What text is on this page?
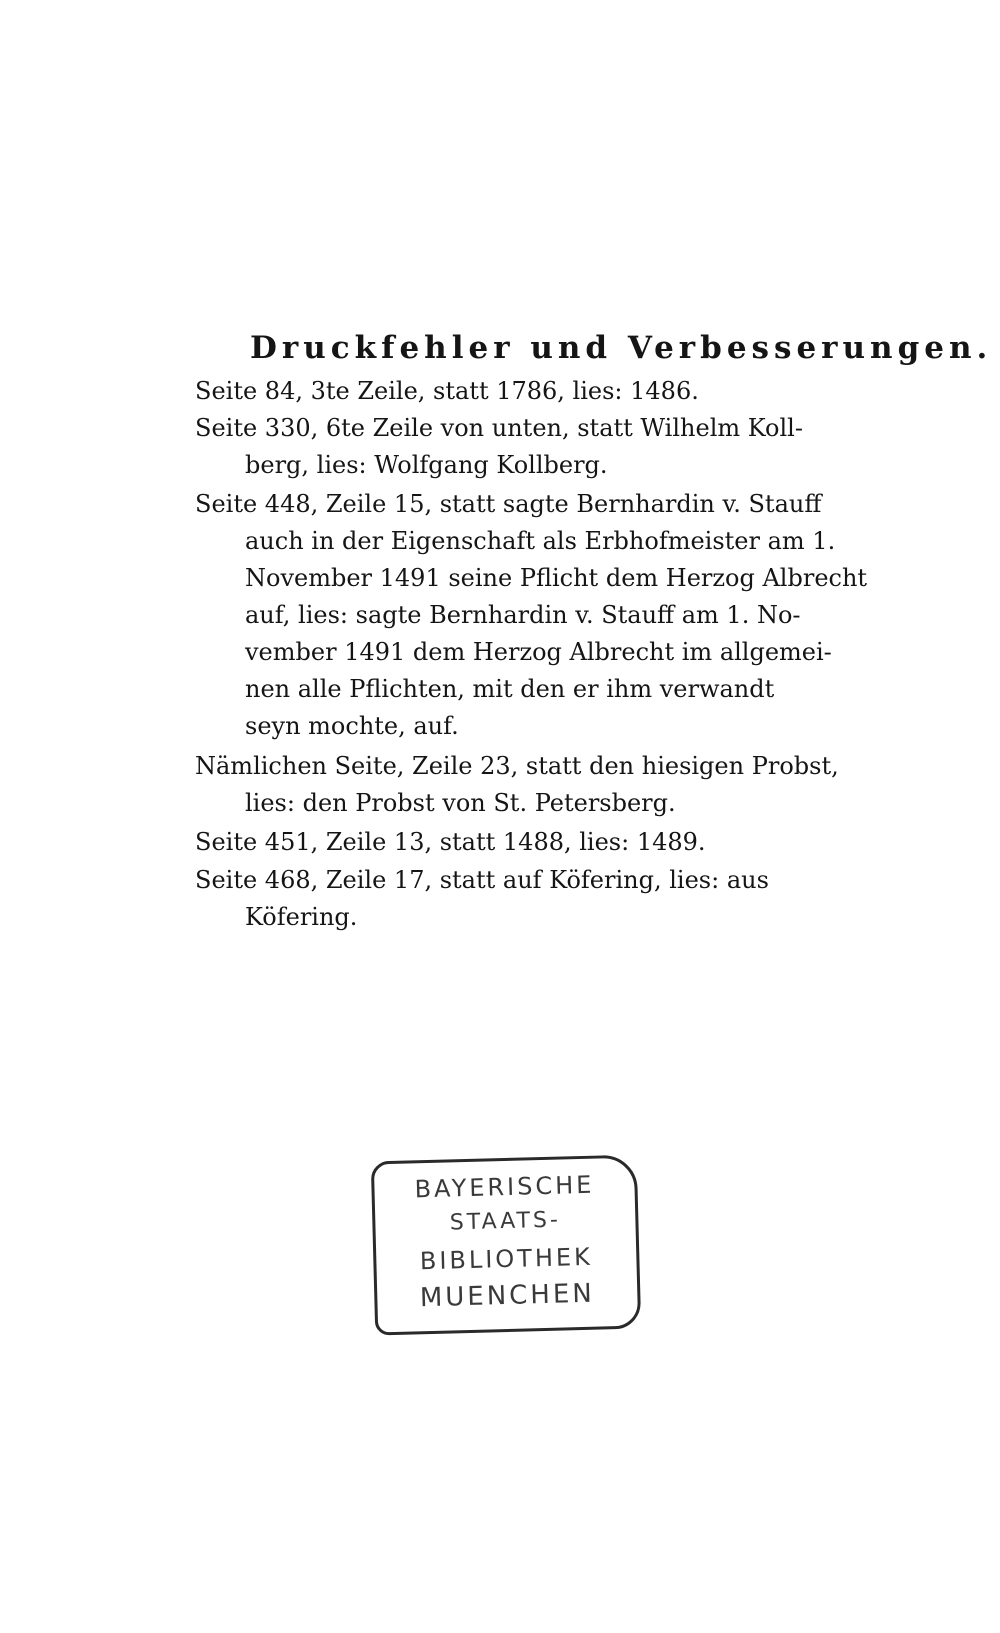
Druckfehler und Verbesserungen.
Seite 84, 3te Zeile, statt 1786, lies: 1486.
Seite 330, 6te Zeile von unten, statt Wilhelm Koll-
berg, lies: Wolfgang Kollberg.
Seite 448, Zeile 15, statt sagte Bernhardin v. Stauff
auch in der Eigenschaft als Erbhofmeister am 1.
November 1491 seine Pflicht dem Herzog Albrecht
auf, lies: sagte Bernhardin v. Stauff am 1. No-
vember 1491 dem Herzog Albrecht im allgemei-
nen alle Pflichten, mit den er ihm verwandt
seyn mochte, auf.
Nämlichen Seite, Zeile 23, statt den hiesigen Probst,
lies: den Probst von St. Petersberg.
Seite 451, Zeile 13, statt 1488, lies: 1489.
Seite 468, Zeile 17, statt auf Köfering, lies: aus
Köfering.
BAYERISCHE
STAATS-
BIBLIOTHEK
MUENCHEN
